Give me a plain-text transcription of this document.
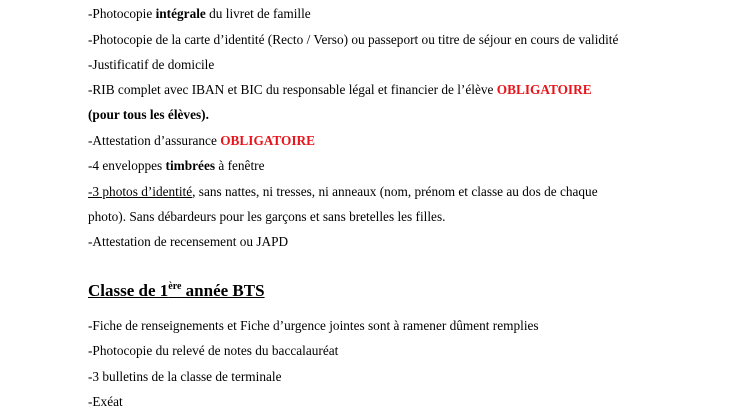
-Photocopie intégrale du livret de famille
-Photocopie de la carte d’identité (Recto / Verso) ou passeport ou titre de séjour en cours de validité
-Justificatif de domicile
-RIB complet avec IBAN et BIC du responsable légal et financier de l’élève OBLIGATOIRE
(pour tous les élèves).
-Attestation d’assurance OBLIGATOIRE
-4 enveloppes timbrées à fenêtre
-3 photos d’identité, sans nattes, ni tresses, ni anneaux (nom, prénom et classe au dos de chaque
photo). Sans débardeurs pour les garçons et sans bretelles les filles.
-Attestation de recensement ou JAPD
Classe de 1ère année BTS
-Fiche de renseignements et Fiche d’urgence jointes sont à ramener dûment remplies
-Photocopie du relevé de notes du baccalauréat
-3 bulletins de la classe de terminale
-Exéat
